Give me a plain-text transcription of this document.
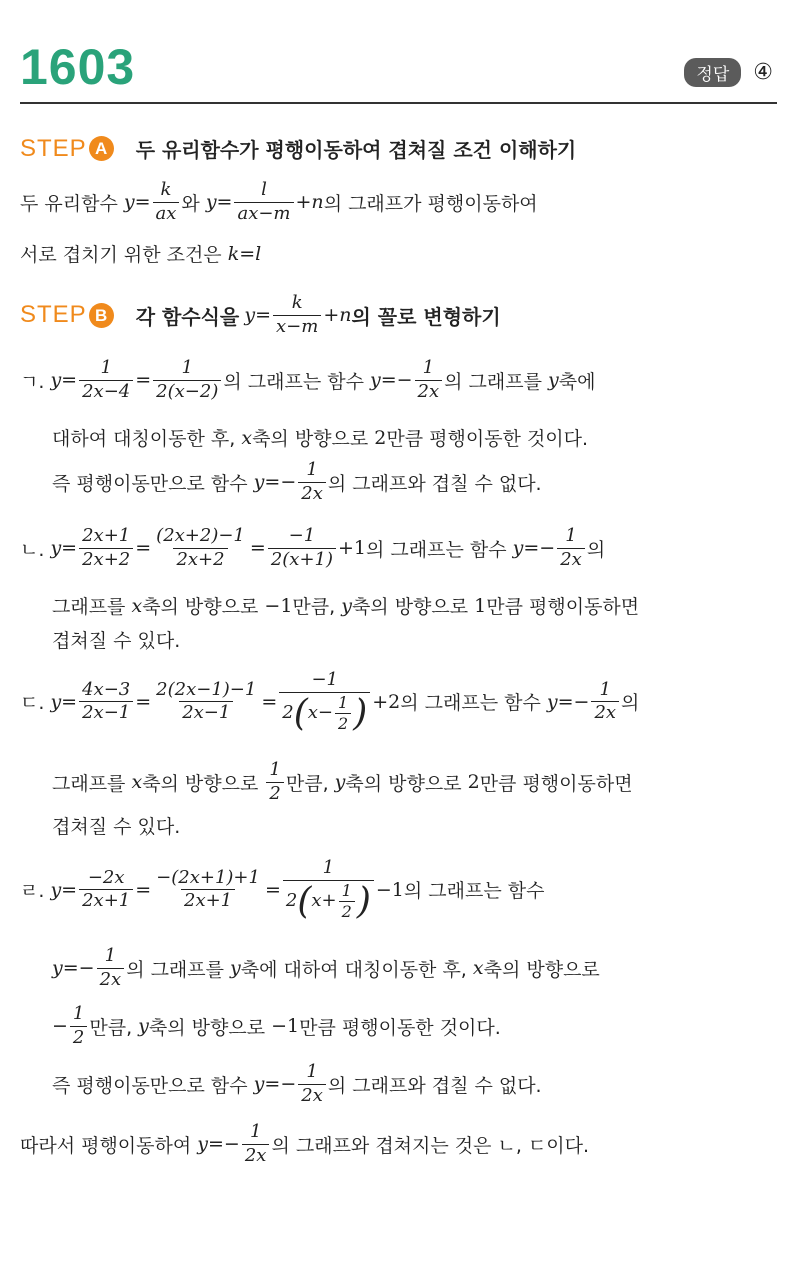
1603	정답	④
STEP A	두 유리함수가 평행이동하여 겹쳐질 조건 이해하기
두 유리함수
$y= \frac{k}{ax}$ 와
$y= \frac{l}{ax-m} +n$ 의 그래프가 평행이동하여
서로 겹치기 위한 조건은
k=l
STEP B	각 함수식을
$y= \frac{k}{x-m} +n$ 의 꼴로 변형하기
ㄱ.
$y= \frac{1}{2x-4} = \frac{1}{2(x-2)}$ 의 그래프는 함수
$y=- \frac{1}{2x}$ 의 그래프를
y 축에
대하여 대칭이동한 후,
x 축의 방향으로
2 만큼 평행이동한 것이다.
즉 평행이동만으로 함수
$y=- \frac{1}{2x}$ 의 그래프와 겹칠 수 없다.
ㄴ.
$y= \frac{2x+1}{2x+2} = \frac{(2x+2)-1}{2x+2} = \frac{-1}{2(x+1)} +1$ 의 그래프는 함수
$y=- \frac{1}{2x}$ 의
그래프를
x 축의 방향으로
−1 만큼,
y 축의 방향으로
1 만큼 평행이동하면
겹쳐질 수 있다.
ㄷ.
$y= \frac{4x-3}{2x-1} = \frac{2(2x-1)-1}{2x-1} = \frac{-1}{2 ( x- \frac{1}{2} )} +2$ 의 그래프는 함수
$y=- \frac{1}{2x}$ 의
그래프를
x 축의 방향으로
$\frac{1}{2}$ 만큼,
y 축의 방향으로
2 만큼 평행이동하면
겹쳐질 수 있다.
ㄹ.
$y= \frac{-2x}{2x+1} = \frac{-(2x+1)+1}{2x+1} = \frac{1}{2 ( x+ \frac{1}{2} )} -1$ 의 그래프는 함수
$y=- \frac{1}{2x}$ 의 그래프를
y 축에 대하여 대칭이동한 후,
x 축의 방향으로
− $\frac{1}{2}$ 만큼,
y 축의 방향으로
−1 만큼 평행이동한 것이다.
즉 평행이동만으로 함수
$y=- \frac{1}{2x}$ 의 그래프와 겹칠 수 없다.
따라서 평행이동하여
$y=- \frac{1}{2x}$ 의 그래프와 겹쳐지는 것은 ㄴ, ㄷ이다.
